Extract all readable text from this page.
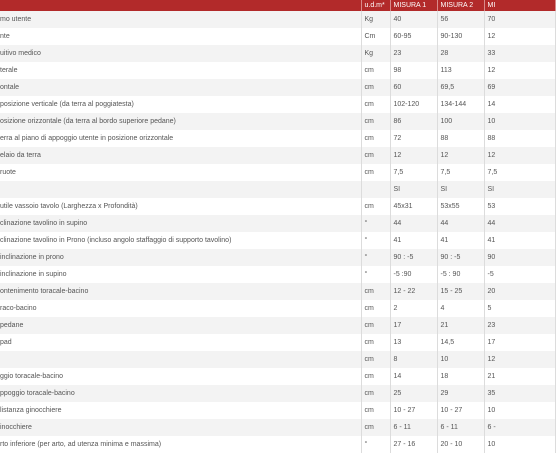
	u.d.m*	MISURA 1	MISURA 2	MI
mo utente	Kg	40	56	70
nte	Cm	60-95	90-130	12
uitivo medico	Kg	23	28	33
terale	cm	98	113	12
ontale	cm	60	69,5	69
posizione verticale (da terra al poggiatesta)	cm	102-120	134-144	14
osizione orizzontale (da terra al bordo superiore pedane)	cm	86	100	10
erra al piano di appoggio utente in posizione orizzontale	cm	72	88	88
elaio da terra	cm	12	12	12
ruote	cm	7,5	7,5	7,5
		SI	SI	SI
utile vassoio tavolo (Larghezza x Profondità)	cm	45x31	53x55	53
clinazione tavolino in supino	°	44	44	44
clinazione tavolino in Prono (incluso angolo staffaggio di supporto tavolino)	°	41	41	41
inclinazione in prono	°	90 : -5	90 : -5	90
inclinazione in supino	°	-5 :90	-5 : 90	-5
ontenimento toracale-bacino	cm	12 - 22	15 - 25	20
raco-bacino	cm	2	4	5
pedane	cm	17	21	23
pad	cm	13	14,5	17
	cm	8	10	12
ggio toracale-bacino	cm	14	18	21
ppoggio toracale-bacino	cm	25	29	35
listanza ginocchiere	cm	10 - 27	10 - 27	10
inocchiere	cm	6 - 11	6 - 11	6 -
rto inferiore (per arto, ad utenza minima e massima)	°	27 - 16	20 - 10	10
